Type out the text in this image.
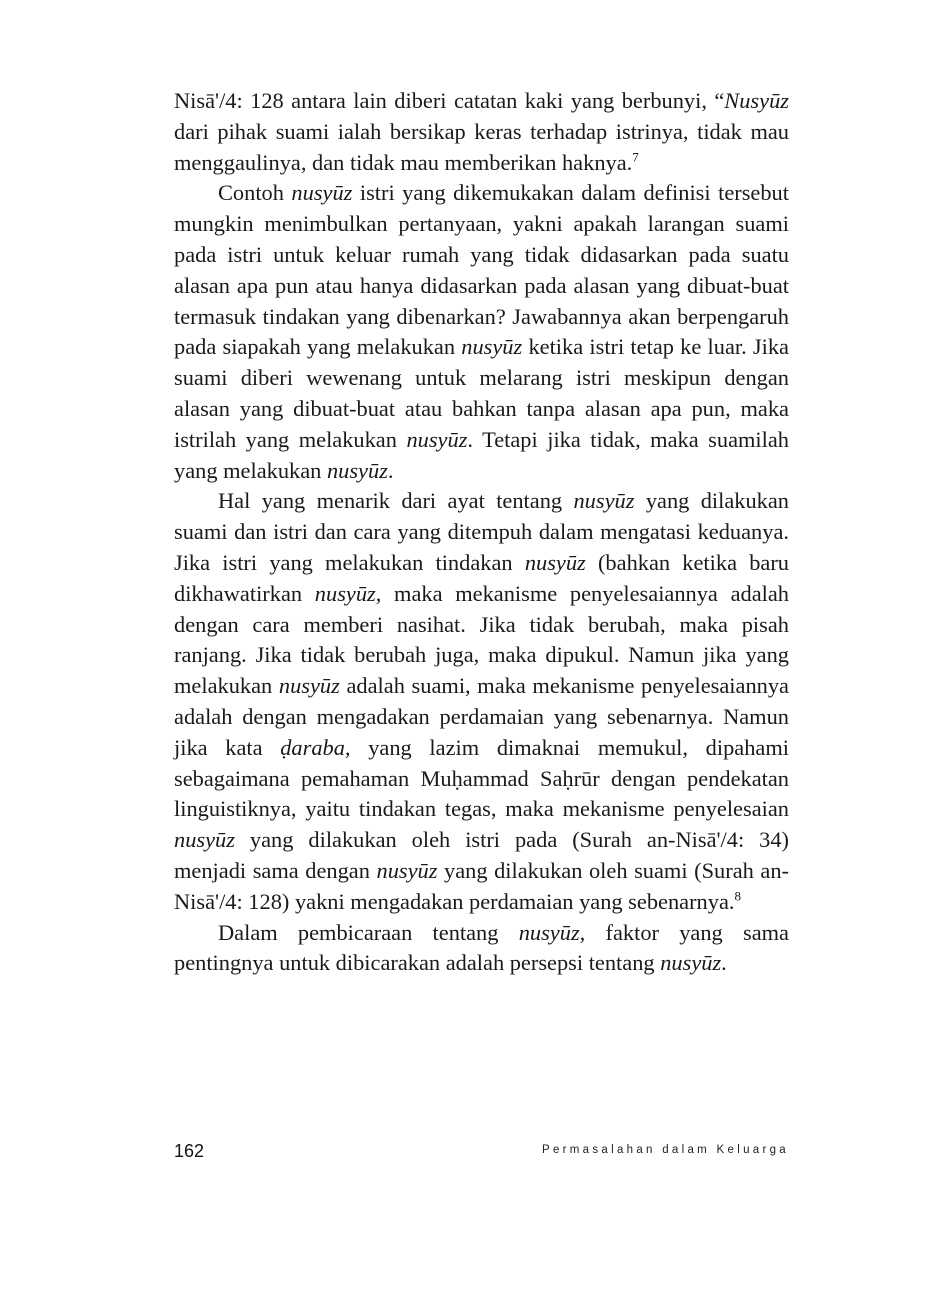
Nisā'/4: 128 antara lain diberi catatan kaki yang berbunyi, “Nusyūz dari pihak suami ialah bersikap keras terhadap istrinya, tidak mau menggaulinya, dan tidak mau memberikan haknya.$^7$

Contoh nusyūz istri yang dikemukakan dalam definisi tersebut mungkin menimbulkan pertanyaan, yakni apakah larangan suami pada istri untuk keluar rumah yang tidak didasarkan pada suatu alasan apa pun atau hanya didasarkan pada alasan yang dibuat-buat termasuk tindakan yang dibenarkan? Jawabannya akan berpengaruh pada siapakah yang melakukan nusyūz ketika istri tetap ke luar. Jika suami diberi wewenang untuk melarang istri meskipun dengan alasan yang dibuat-buat atau bahkan tanpa alasan apa pun, maka istrilah yang melakukan nusyūz. Tetapi jika tidak, maka suamilah yang melakukan nusyūz.

Hal yang menarik dari ayat tentang nusyūz yang dilakukan suami dan istri dan cara yang ditempuh dalam mengatasi keduanya. Jika istri yang melakukan tindakan nusyūz (bahkan ketika baru dikhawatirkan nusyūz, maka mekanisme penyelesaiannya adalah dengan cara memberi nasihat. Jika tidak berubah, maka pisah ranjang. Jika tidak berubah juga, maka dipukul. Namun jika yang melakukan nusyūz adalah suami, maka mekanisme penyelesaiannya adalah dengan mengadakan perdamaian yang sebenarnya. Namun jika kata ḍaraba, yang lazim dimaknai memukul, dipahami sebagaimana pemahaman Muḥammad Saḥrūr dengan pendekatan linguistiknya, yaitu tindakan tegas, maka mekanisme penyelesaian nusyūz yang dilakukan oleh istri pada (Surah an-Nisā'/4: 34) menjadi sama dengan nusyūz yang dilakukan oleh suami (Surah an-Nisā'/4: 128) yakni mengadakan perdamaian yang sebenarnya.$^8$

Dalam pembicaraan tentang nusyūz, faktor yang sama pentingnya untuk dibicarakan adalah persepsi tentang nusyūz.

162	Permasalahan dalam Keluarga
